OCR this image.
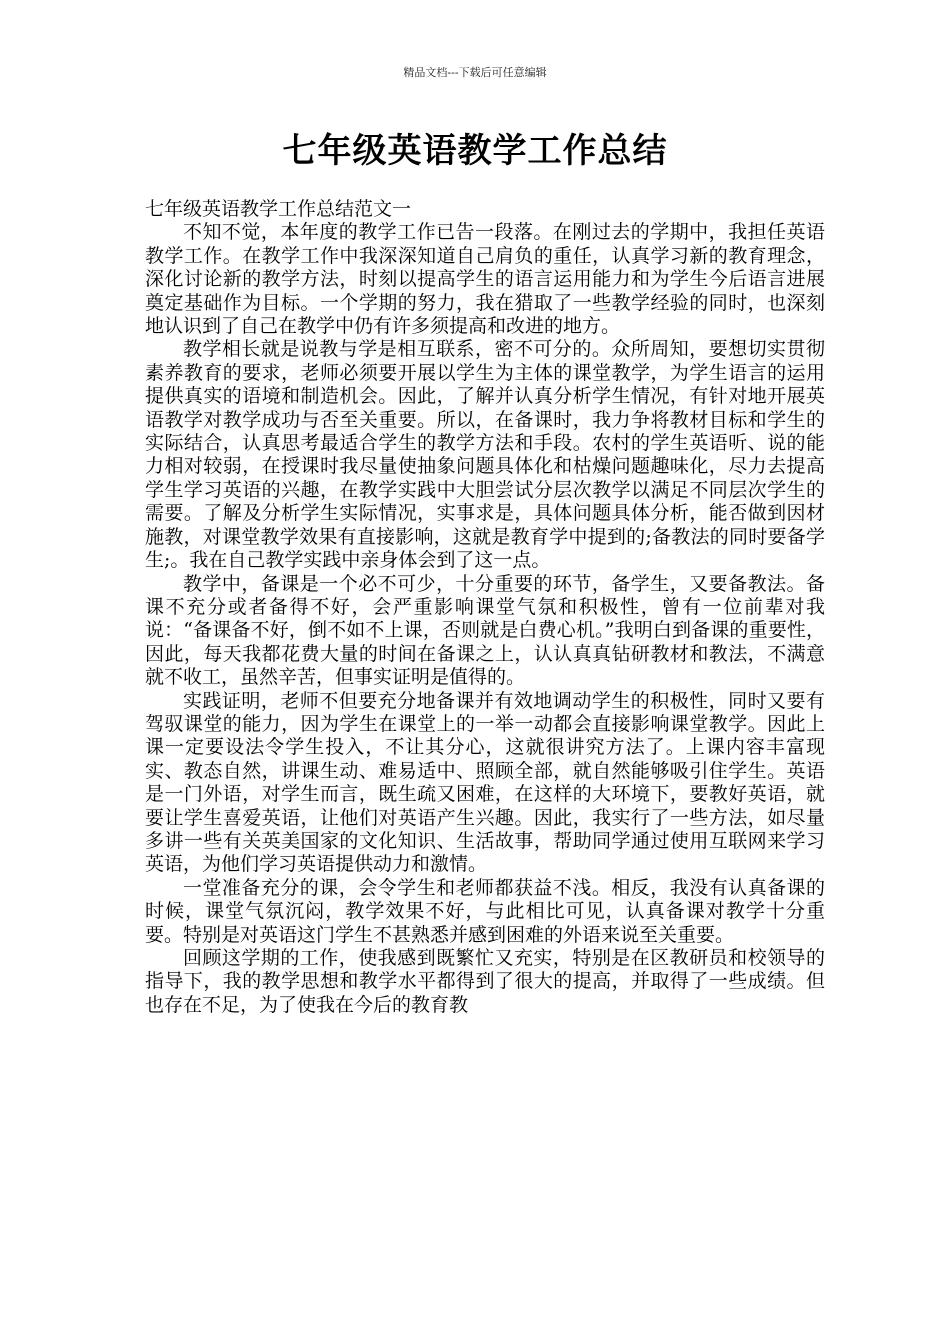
精品文档---下载后可任意编辑
七年级英语教学工作总结

七年级英语教学工作总结范文一

不知不觉，本年度的教学工作已告一段落。在刚过去的学期中，我担任英语教学工作。在教学工作中我深深知道自己肩负的重任，认真学习新的教育理念，深化讨论新的教学方法，时刻以提高学生的语言运用能力和为学生今后语言进展奠定基础作为目标。一个学期的努力，我在猎取了一些教学经验的同时，也深刻地认识到了自己在教学中仍有许多须提高和改进的地方。

教学相长就是说教与学是相互联系，密不可分的。众所周知，要想切实贯彻素养教育的要求，老师必须要开展以学生为主体的课堂教学，为学生语言的运用提供真实的语境和制造机会。因此，了解并认真分析学生情况，有针对地开展英语教学对教学成功与否至关重要。所以，在备课时，我力争将教材目标和学生的实际结合，认真思考最适合学生的教学方法和手段。农村的学生英语听、说的能力相对较弱，在授课时我尽量使抽象问题具体化和枯燥问题趣味化，尽力去提高学生学习英语的兴趣，在教学实践中大胆尝试分层次教学以满足不同层次学生的需要。了解及分析学生实际情况，实事求是，具体问题具体分析，能否做到因材施教，对课堂教学效果有直接影响，这就是教育学中提到的;备教法的同时要备学生;。我在自己教学实践中亲身体会到了这一点。

教学中，备课是一个必不可少，十分重要的环节，备学生，又要备教法。备课不充分或者备得不好，会严重影响课堂气氛和积极性，曾有一位前辈对我说：“备课备不好，倒不如不上课，否则就是白费心机。”我明白到备课的重要性，因此，每天我都花费大量的时间在备课之上，认认真真钻研教材和教法，不满意就不收工，虽然辛苦，但事实证明是值得的。

实践证明，老师不但要充分地备课并有效地调动学生的积极性，同时又要有驾驭课堂的能力，因为学生在课堂上的一举一动都会直接影响课堂教学。因此上课一定要设法令学生投入，不让其分心，这就很讲究方法了。上课内容丰富现实、教态自然，讲课生动、难易适中、照顾全部，就自然能够吸引住学生。英语是一门外语，对学生而言，既生疏又困难，在这样的大环境下，要教好英语，就要让学生喜爱英语，让他们对英语产生兴趣。因此，我实行了一些方法，如尽量多讲一些有关英美国家的文化知识、生活故事，帮助同学通过使用互联网来学习英语，为他们学习英语提供动力和激情。

一堂准备充分的课，会令学生和老师都获益不浅。相反，我没有认真备课的时候，课堂气氛沉闷，教学效果不好，与此相比可见，认真备课对教学十分重要。特别是对英语这门学生不甚熟悉并感到困难的外语来说至关重要。

回顾这学期的工作，使我感到既繁忙又充实，特别是在区教研员和校领导的指导下，我的教学思想和教学水平都得到了很大的提高，并取得了一些成绩。但也存在不足，为了使我在今后的教育教
